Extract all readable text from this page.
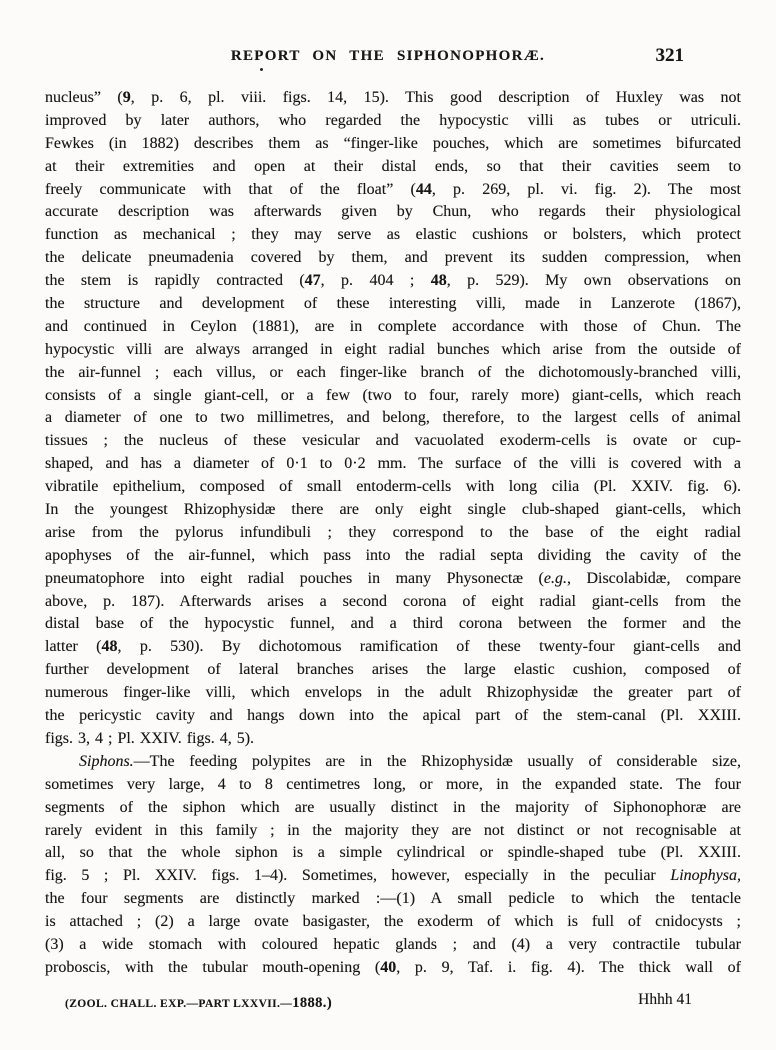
REPORT ON THE SIPHONOPHORÆ.	321
nucleus” (9, p. 6, pl. viii. figs. 14, 15). This good description of Huxley was not
improved by later authors, who regarded the hypocystic villi as tubes or utriculi.
Fewkes (in 1882) describes them as “finger-like pouches, which are sometimes bifurcated
at their extremities and open at their distal ends, so that their cavities seem to
freely communicate with that of the float” (44, p. 269, pl. vi. fig. 2). The most
accurate description was afterwards given by Chun, who regards their physiological
function as mechanical ; they may serve as elastic cushions or bolsters, which protect
the delicate pneumadenia covered by them, and prevent its sudden compression, when
the stem is rapidly contracted (47, p. 404 ; 48, p. 529). My own observations on
the structure and development of these interesting villi, made in Lanzerote (1867),
and continued in Ceylon (1881), are in complete accordance with those of Chun. The
hypocystic villi are always arranged in eight radial bunches which arise from the outside of
the air-funnel ; each villus, or each finger-like branch of the dichotomously-branched villi,
consists of a single giant-cell, or a few (two to four, rarely more) giant-cells, which reach
a diameter of one to two millimetres, and belong, therefore, to the largest cells of animal
tissues ; the nucleus of these vesicular and vacuolated exoderm-cells is ovate or cup-
shaped, and has a diameter of 0·1 to 0·2 mm. The surface of the villi is covered with a
vibratile epithelium, composed of small entoderm-cells with long cilia (Pl. XXIV. fig. 6).
In the youngest Rhizophysidæ there are only eight single club-shaped giant-cells, which
arise from the pylorus infundibuli ; they correspond to the base of the eight radial
apophyses of the air-funnel, which pass into the radial septa dividing the cavity of the
pneumatophore into eight radial pouches in many Physonectæ (e.g., Discolabidæ, compare
above, p. 187). Afterwards arises a second corona of eight radial giant-cells from the
distal base of the hypocystic funnel, and a third corona between the former and the
latter (48, p. 530). By dichotomous ramification of these twenty-four giant-cells and
further development of lateral branches arises the large elastic cushion, composed of
numerous finger-like villi, which envelops in the adult Rhizophysidæ the greater part of
the pericystic cavity and hangs down into the apical part of the stem-canal (Pl. XXIII.
figs. 3, 4 ; Pl. XXIV. figs. 4, 5).
Siphons.—The feeding polypites are in the Rhizophysidæ usually of considerable size,
sometimes very large, 4 to 8 centimetres long, or more, in the expanded state. The four
segments of the siphon which are usually distinct in the majority of Siphonophoræ are
rarely evident in this family ; in the majority they are not distinct or not recognisable at
all, so that the whole siphon is a simple cylindrical or spindle-shaped tube (Pl. XXIII.
fig. 5 ; Pl. XXIV. figs. 1–4). Sometimes, however, especially in the peculiar Linophysa,
the four segments are distinctly marked :—(1) A small pedicle to which the tentacle
is attached ; (2) a large ovate basigaster, the exoderm of which is full of cnidocysts ;
(3) a wide stomach with coloured hepatic glands ; and (4) a very contractile tubular
proboscis, with the tubular mouth-opening (40, p. 9, Taf. i. fig. 4). The thick wall of
(ZOOL. CHALL. EXP.—PART LXXVII.—1888.)	Hhhh 41
